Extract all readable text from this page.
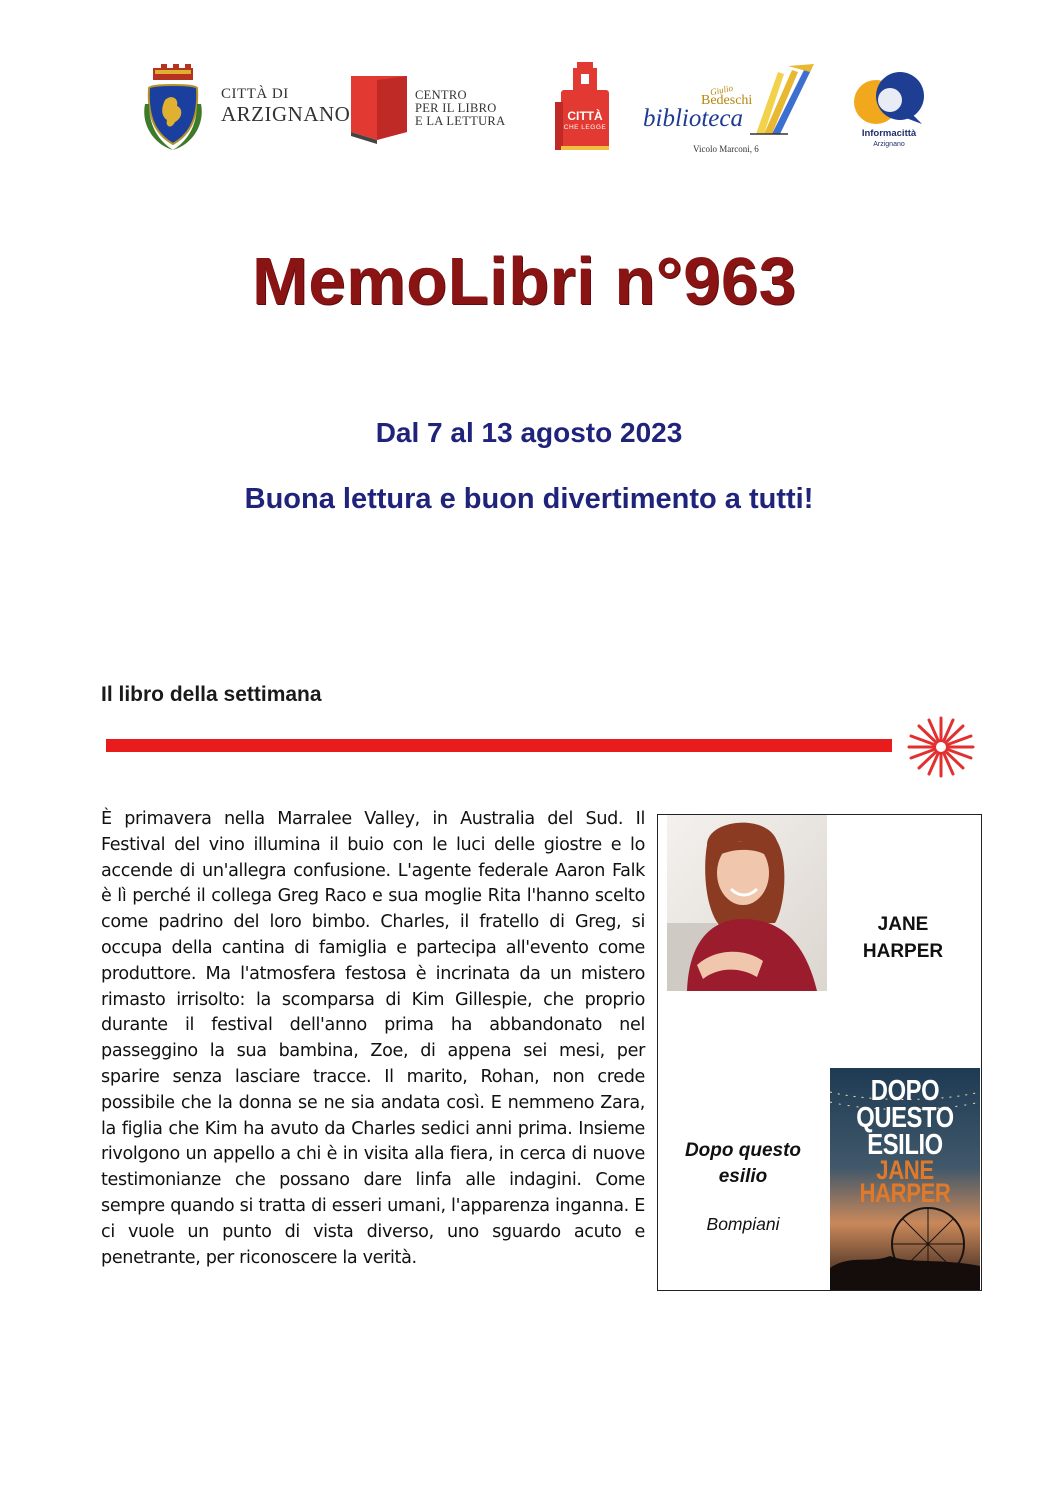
CITTÀ DI
ARZIGNANO
CENTRO
PER IL LIBRO
E LA LETTURA	CITTÀ
CHE LEGGE
Giulio
Bedeschi
biblioteca
Vicolo Marconi, 6
Informacittà
Arzignano
MemoLibri n°963
Dal 7 al 13 agosto 2023
Buona lettura e buon divertimento a tutti!
Il libro della settimana
È primavera nella Marralee Valley, in Australia del Sud. Il Festival del vino illumina il buio con le luci delle giostre e lo accende di un'allegra confusione. L'agente federale Aaron Falk è lì perché il collega Greg Raco e sua moglie Rita l'hanno scelto come padrino del loro bimbo. Charles, il fratello di Greg, si occupa della cantina di famiglia e partecipa all'evento come produttore. Ma l'atmosfera festosa è incrinata da un mistero rimasto irrisolto: la scomparsa di Kim Gillespie, che proprio durante il festival dell'anno prima ha abbandonato nel passeggino la sua bambina, Zoe, di appena sei mesi, per sparire senza lasciare tracce. Il marito, Rohan, non crede possibile che la donna se ne sia andata così. E nemmeno Zara, la figlia che Kim ha avuto da Charles sedici anni prima. Insieme rivolgono un appello a chi è in visita alla fiera, in cerca di nuove testimonianze che possano dare linfa alle indagini. Come sempre quando si tratta di esseri umani, l'apparenza inganna. E ci vuole un punto di vista diverso, uno sguardo acuto e penetrante, per riconoscere la verità.
JANE
HARPER
Dopo questo
esilio
Bompiani
DOPO
QUESTO
ESILIO
JANE
HARPER
